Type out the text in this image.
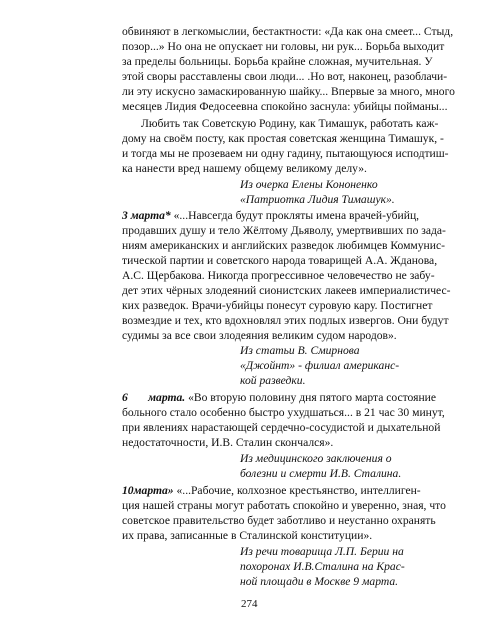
обвиняют в легкомыслии, бестактности: «Да как она смеет... Стыд,
позор...» Но она не опускает ни головы, ни рук... Борьба выходит
за пределы больницы. Борьба крайне сложная, мучительная. У
этой своры расставлены свои люди... .Но вот, наконец, разоблачи-
ли эту искусно замаскированную шайку... Впервые за много, много
месяцев Лидия Федосеевна спокойно заснула: убийцы пойманы...
Любить так Советскую Родину, как Тимашук, работать каж-
дому на своём посту, как простая советская женщина Тимашук, -
и тогда мы не прозеваем ни одну гадину, пытающуюся исподтиш-
ка нанести вред нашему общему великому делу».
Из очерка Елены Кононенко
«Патриотка Лидия Тимашук».
3 марта* «...Навсегда будут прокляты имена врачей-убийц,
продавших душу и тело Жёлтому Дьяволу, умертвивших по зада-
ниям американских и английских разведок любимцев Коммунис-
тической партии и советского народа товарищей А.А. Жданова,
А.С. Щербакова. Никогда прогрессивное человечество не забу-
дет этих чёрных злодеяний сионистских лакеев империалистичес-
ких разведок. Врачи-убийцы понесут суровую кару. Постигнет
возмездие и тех, кто вдохновлял этих подлых извергов. Они будут
судимы за все свои злодеяния великим судом народов».
Из статьи В. Смирнова
«Джойнт» - филиал американс-
кой разведки.
6       марта. «Во вторую половину дня пятого марта состояние
больного стало особенно быстро ухудшаться... в 21 час 30 минут,
при явлениях нарастающей сердечно-сосудистой и дыхательной
недостаточности, И.В. Сталин скончался».
Из медицинского заключения о
болезни и смерти И.В. Сталина.
10марта» «...Рабочие, колхозное крестьянство, интеллиген-
ция нашей страны могут работать спокойно и уверенно, зная, что
советское правительство будет заботливо и неустанно охранять
их права, записанные в Сталинской конституции».
Из речи товарища Л.П. Берии на
похоронах И.В.Сталина на Крас-
ной площади в Москве 9 марта.
274
